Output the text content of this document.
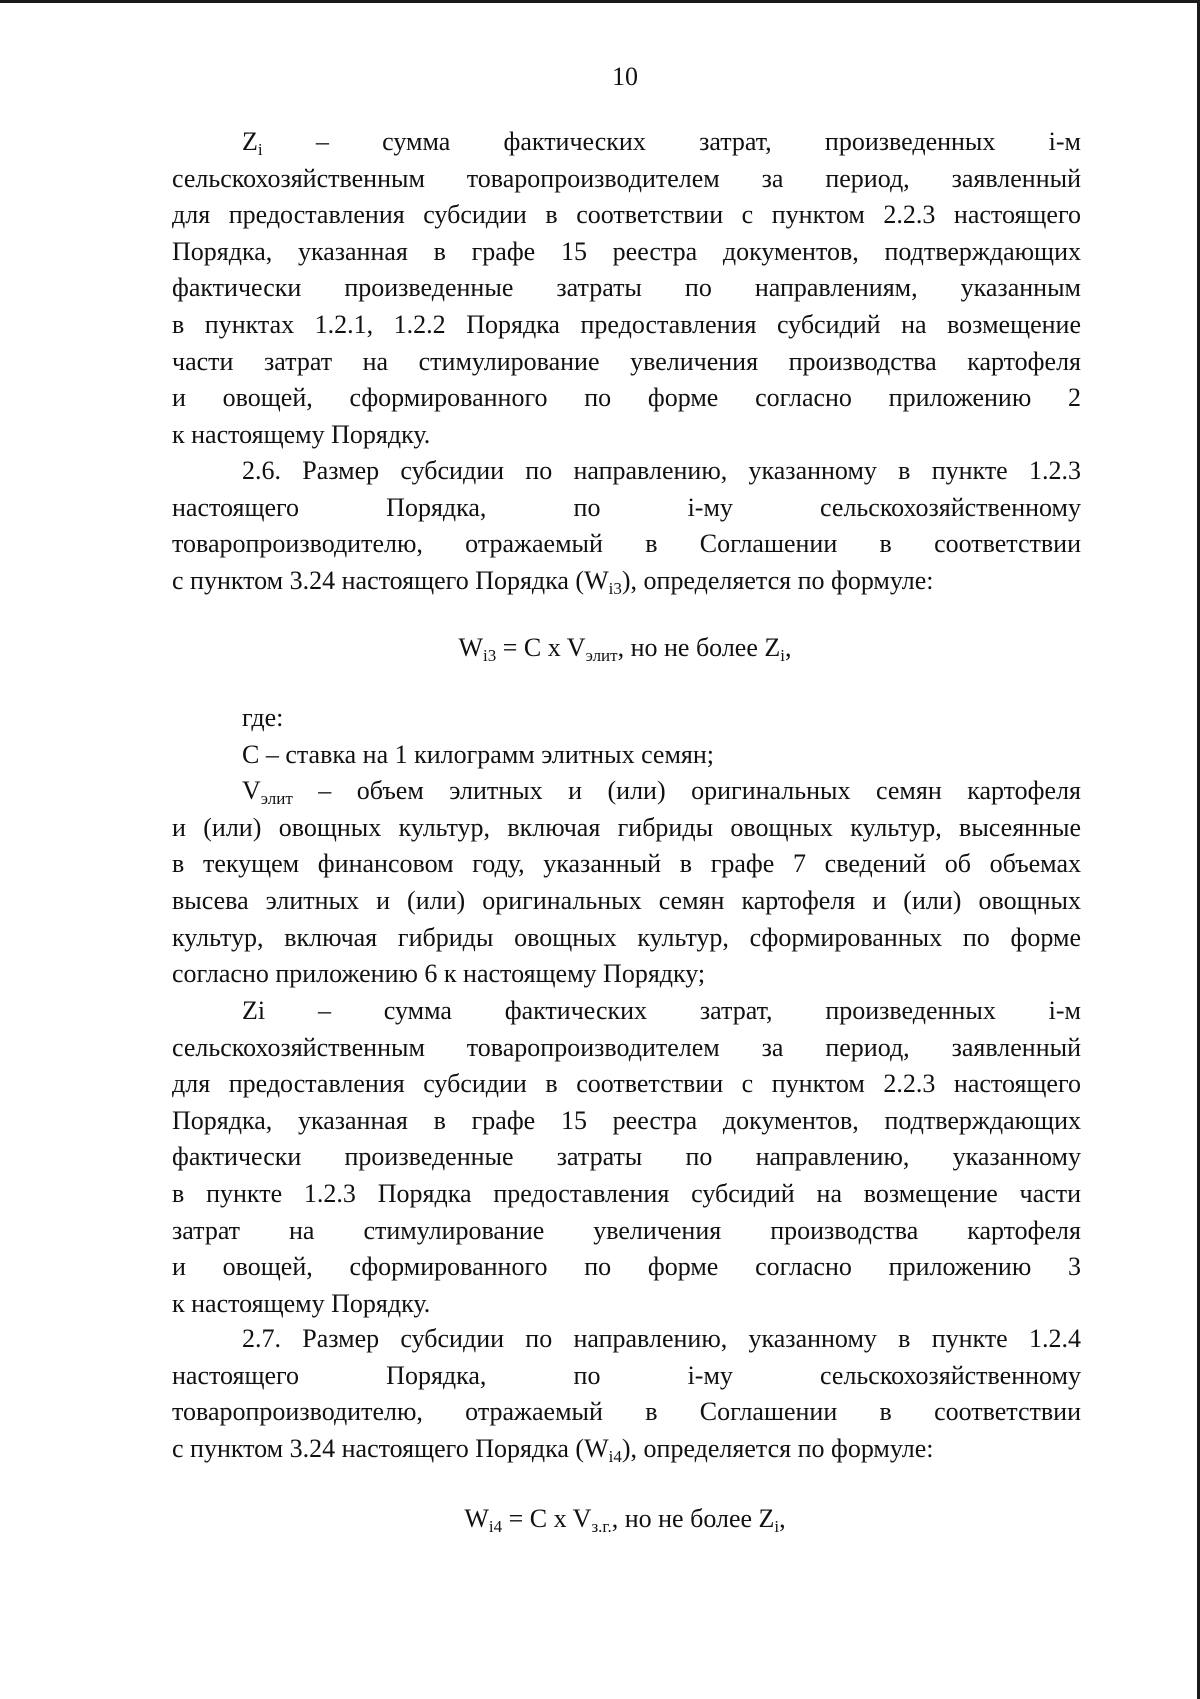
10
$Z_i$ – сумма фактических затрат, произведенных i-м
сельскохозяйственным товаропроизводителем за период, заявленный
для предоставления субсидии в соответствии с пунктом 2.2.3 настоящего
Порядка, указанная в графе 15 реестра документов, подтверждающих
фактически произведенные затраты по направлениям, указанным
в пунктах 1.2.1, 1.2.2 Порядка предоставления субсидий на возмещение
части затрат на стимулирование увеличения производства картофеля
и овощей, сформированного по форме согласно приложению 2
к настоящему Порядку.
2.6. Размер субсидии по направлению, указанному в пункте 1.2.3
настоящего Порядка, по i-му сельскохозяйственному
товаропроизводителю, отражаемый в Соглашении в соответствии
с пунктом 3.24 настоящего Порядка $(W_{i3})$, определяется по формуле:
$W_{i3} = C$ x $V_{элит}$, но не более $Z_i$,
где:
С – ставка на 1 килограмм элитных семян;
$V_{элит}$ – объем элитных и (или) оригинальных семян картофеля
и (или) овощных культур, включая гибриды овощных культур, высеянные
в текущем финансовом году, указанный в графе 7 сведений об объемах
высева элитных и (или) оригинальных семян картофеля и (или) овощных
культур, включая гибриды овощных культур, сформированных по форме
согласно приложению 6 к настоящему Порядку;
Zi – сумма фактических затрат, произведенных i-м
сельскохозяйственным товаропроизводителем за период, заявленный
для предоставления субсидии в соответствии с пунктом 2.2.3 настоящего
Порядка, указанная в графе 15 реестра документов, подтверждающих
фактически произведенные затраты по направлению, указанному
в пункте 1.2.3 Порядка предоставления субсидий на возмещение части
затрат на стимулирование увеличения производства картофеля
и овощей, сформированного по форме согласно приложению 3
к настоящему Порядку.
2.7. Размер субсидии по направлению, указанному в пункте 1.2.4
настоящего Порядка, по i-му сельскохозяйственному
товаропроизводителю, отражаемый в Соглашении в соответствии
с пунктом 3.24 настоящего Порядка $(W_{i4})$, определяется по формуле:
$W_{i4} = C$ x $V_{з.г.}$, но не более $Z_i$,
